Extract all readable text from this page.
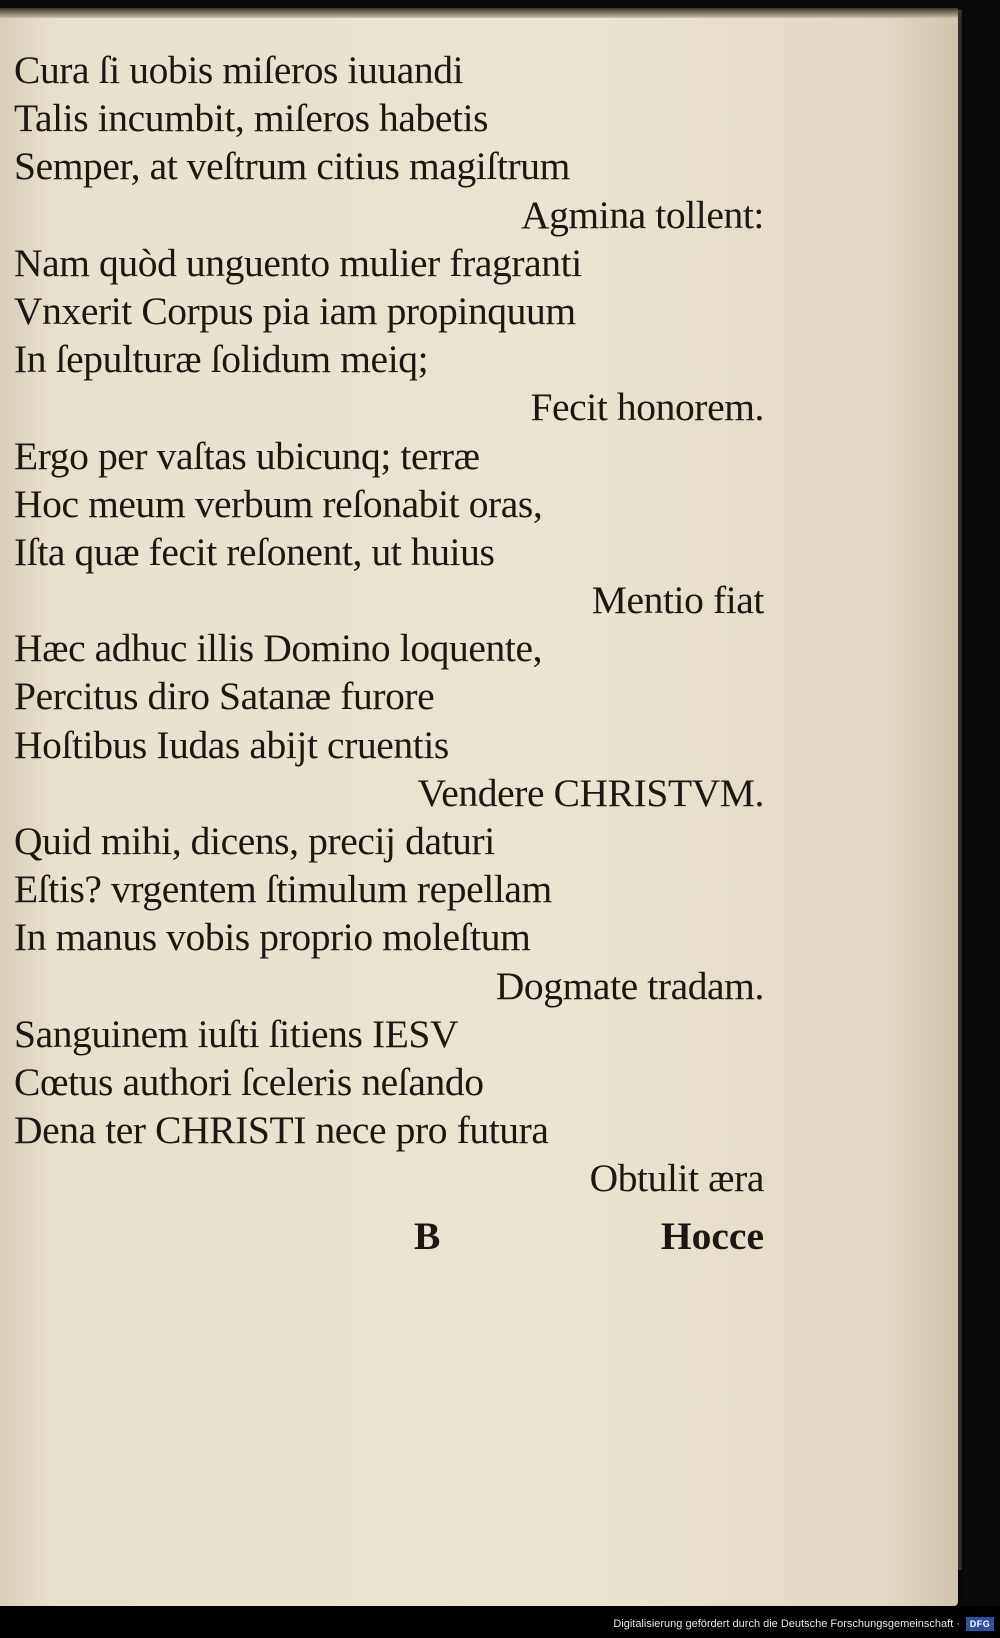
Cura ſi uobis miſeros iuuandi
Talis incumbit, miſeros habetis
Semper, at veſtrum citius magiſtrum
Agmina tollent:
Nam quòd unguento mulier fragranti
Vnxerit Corpus pia iam propinquum
In ſepulturæ ſolidum meiq;
Fecit honorem.
Ergo per vaſtas ubicunq; terræ
Hoc meum verbum reſonabit oras,
Iſta quæ fecit reſonent, ut huius
Mentio fiat
Hæc adhuc illis Domino loquente,
Percitus diro Satanæ furore
Hoſtibus Iudas abijt cruentis
Vendere CHRISTVM.
Quid mihi, dicens, precij daturi
Eſtis? vrgentem ſtimulum repellam
In manus vobis proprio moleſtum
Dogmate tradam.
Sanguinem iuſti ſitiens IESV
Cœtus authori ſceleris neſando
Dena ter CHRISTI nece pro futura
Obtulit æra
B	Hocce
Digitalisierung gefördert durch die Deutsche Forschungsgemeinschaft ·	DFG
